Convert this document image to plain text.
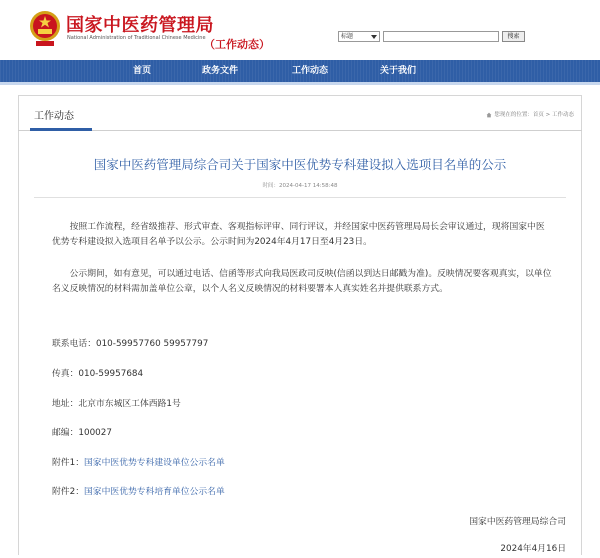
国家中医药管理局
National Administration of Traditional Chinese Medicine
（工作动态）
标题	搜索
首页	政务文件	工作动态	关于我们
工作动态	您现在的位置：首页 > 工作动态
国家中医药管理局综合司关于国家中医优势专科建设拟入选项目名单的公示
时间：2024-04-17 14:58:48
按照工作流程，经省级推荐、形式审查、客观指标评审、同行评议，并经国家中医药管理局局长会审议通过，现将国家中医优势专科建设拟入选项目名单予以公示。公示时间为2024年4月17日至4月23日。
公示期间，如有意见，可以通过电话、信函等形式向我局医政司反映(信函以到达日邮戳为准)。反映情况要客观真实，以单位名义反映情况的材料需加盖单位公章，以个人名义反映情况的材料要署本人真实姓名并提供联系方式。
联系电话：010-59957760 59957797
传真：010-59957684
地址：北京市东城区工体西路1号
邮编：100027
附件1：国家中医优势专科建设单位公示名单
附件2：国家中医优势专科培育单位公示名单
国家中医药管理局综合司
2024年4月16日
